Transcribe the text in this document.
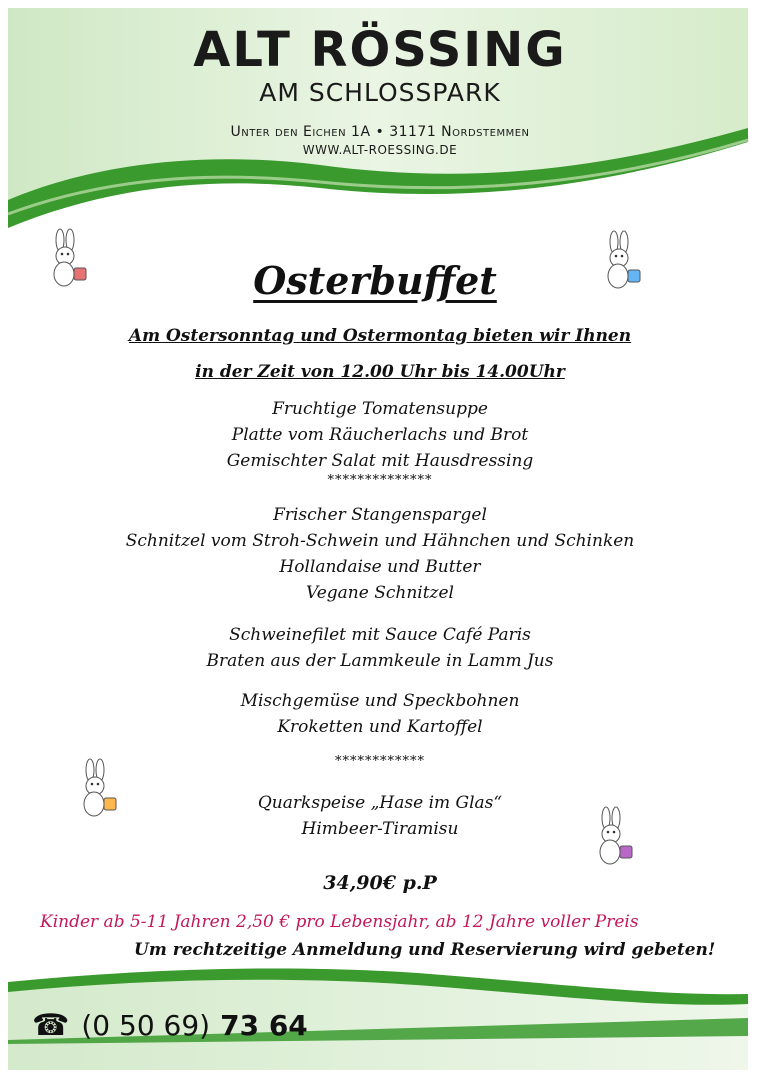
ALT RÖSSING
AM SCHLOSSPARK
Unter den Eichen 1A • 31171 Nordstemmen
WWW.ALT-ROESSING.DE
Osterbuffet
Am Ostersonntag und Ostermontag bieten wir Ihnen
in der Zeit von 12.00 Uhr bis 14.00Uhr
Fruchtige Tomatensuppe
Platte vom Räucherlachs und Brot
Gemischter Salat mit Hausdressing
**************
Frischer Stangenspargel
Schnitzel vom Stroh-Schwein und Hähnchen und Schinken
Hollandaise und Butter
Vegane Schnitzel
Schweinefilet mit Sauce Café Paris
Braten aus der Lammkeule in Lamm Jus
Mischgemüse und Speckbohnen
Kroketten und Kartoffel
************
Quarkspeise „Hase im Glas“
Himbeer-Tiramisu
34,90€ p.P
Kinder ab 5-11 Jahren 2,50 € pro Lebensjahr, ab 12 Jahre voller Preis
Um rechtzeitige Anmeldung und Reservierung wird gebeten!
☎ (0 50 69) 73 64
